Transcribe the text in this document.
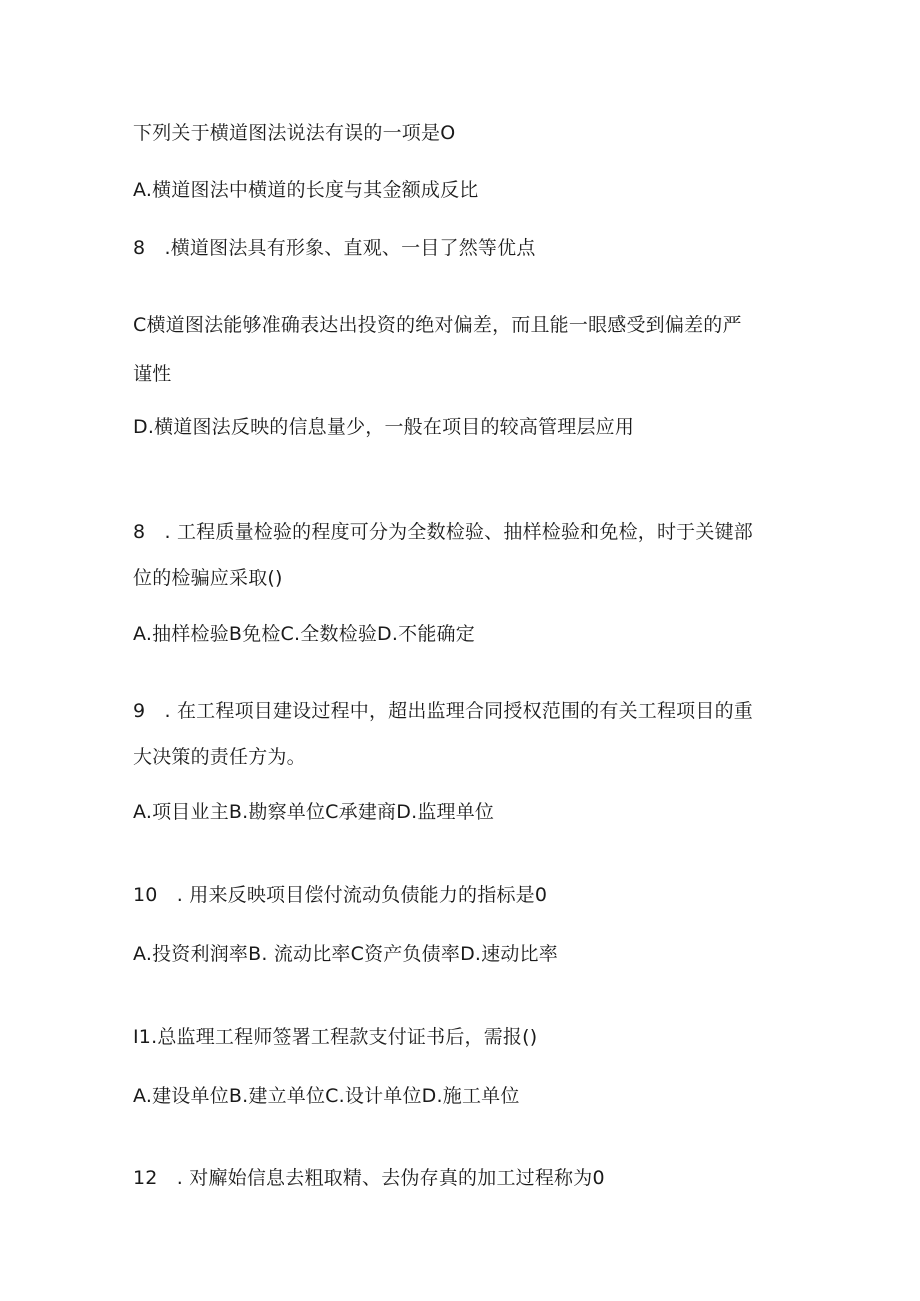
下列关于横道图法说法有误的一项是O
A.横道图法中横道的长度与其金额成反比
8　.横道图法具有形象、直观、一目了然等优点
C横道图法能够准确表达出投资的绝对偏差，而且能一眼感受到偏差的严
谨性
D.横道图法反映的信息量少，一般在项目的较高管理层应用
8　. 工程质量检验的程度可分为全数检验、抽样检验和免检，时于关键部
位的检骗应采取()
A.抽样检验B免检C.全数检验D.不能确定
9　. 在工程项目建设过程中，超出监理合同授权范围的有关工程项目的重
大决策的责任方为。
A.项目业主B.勘察单位C承建商D.监理单位
10　. 用来反映项目偿付流动负债能力的指标是0
A.投资利润率B. 流动比率C资产负债率D.速动比率
I1.总监理工程师签署工程款支付证书后，需报()
A.建设单位B.建立单位C.设计单位D.施工单位
12　. 对廨始信息去粗取精、去伪存真的加工过程称为0
